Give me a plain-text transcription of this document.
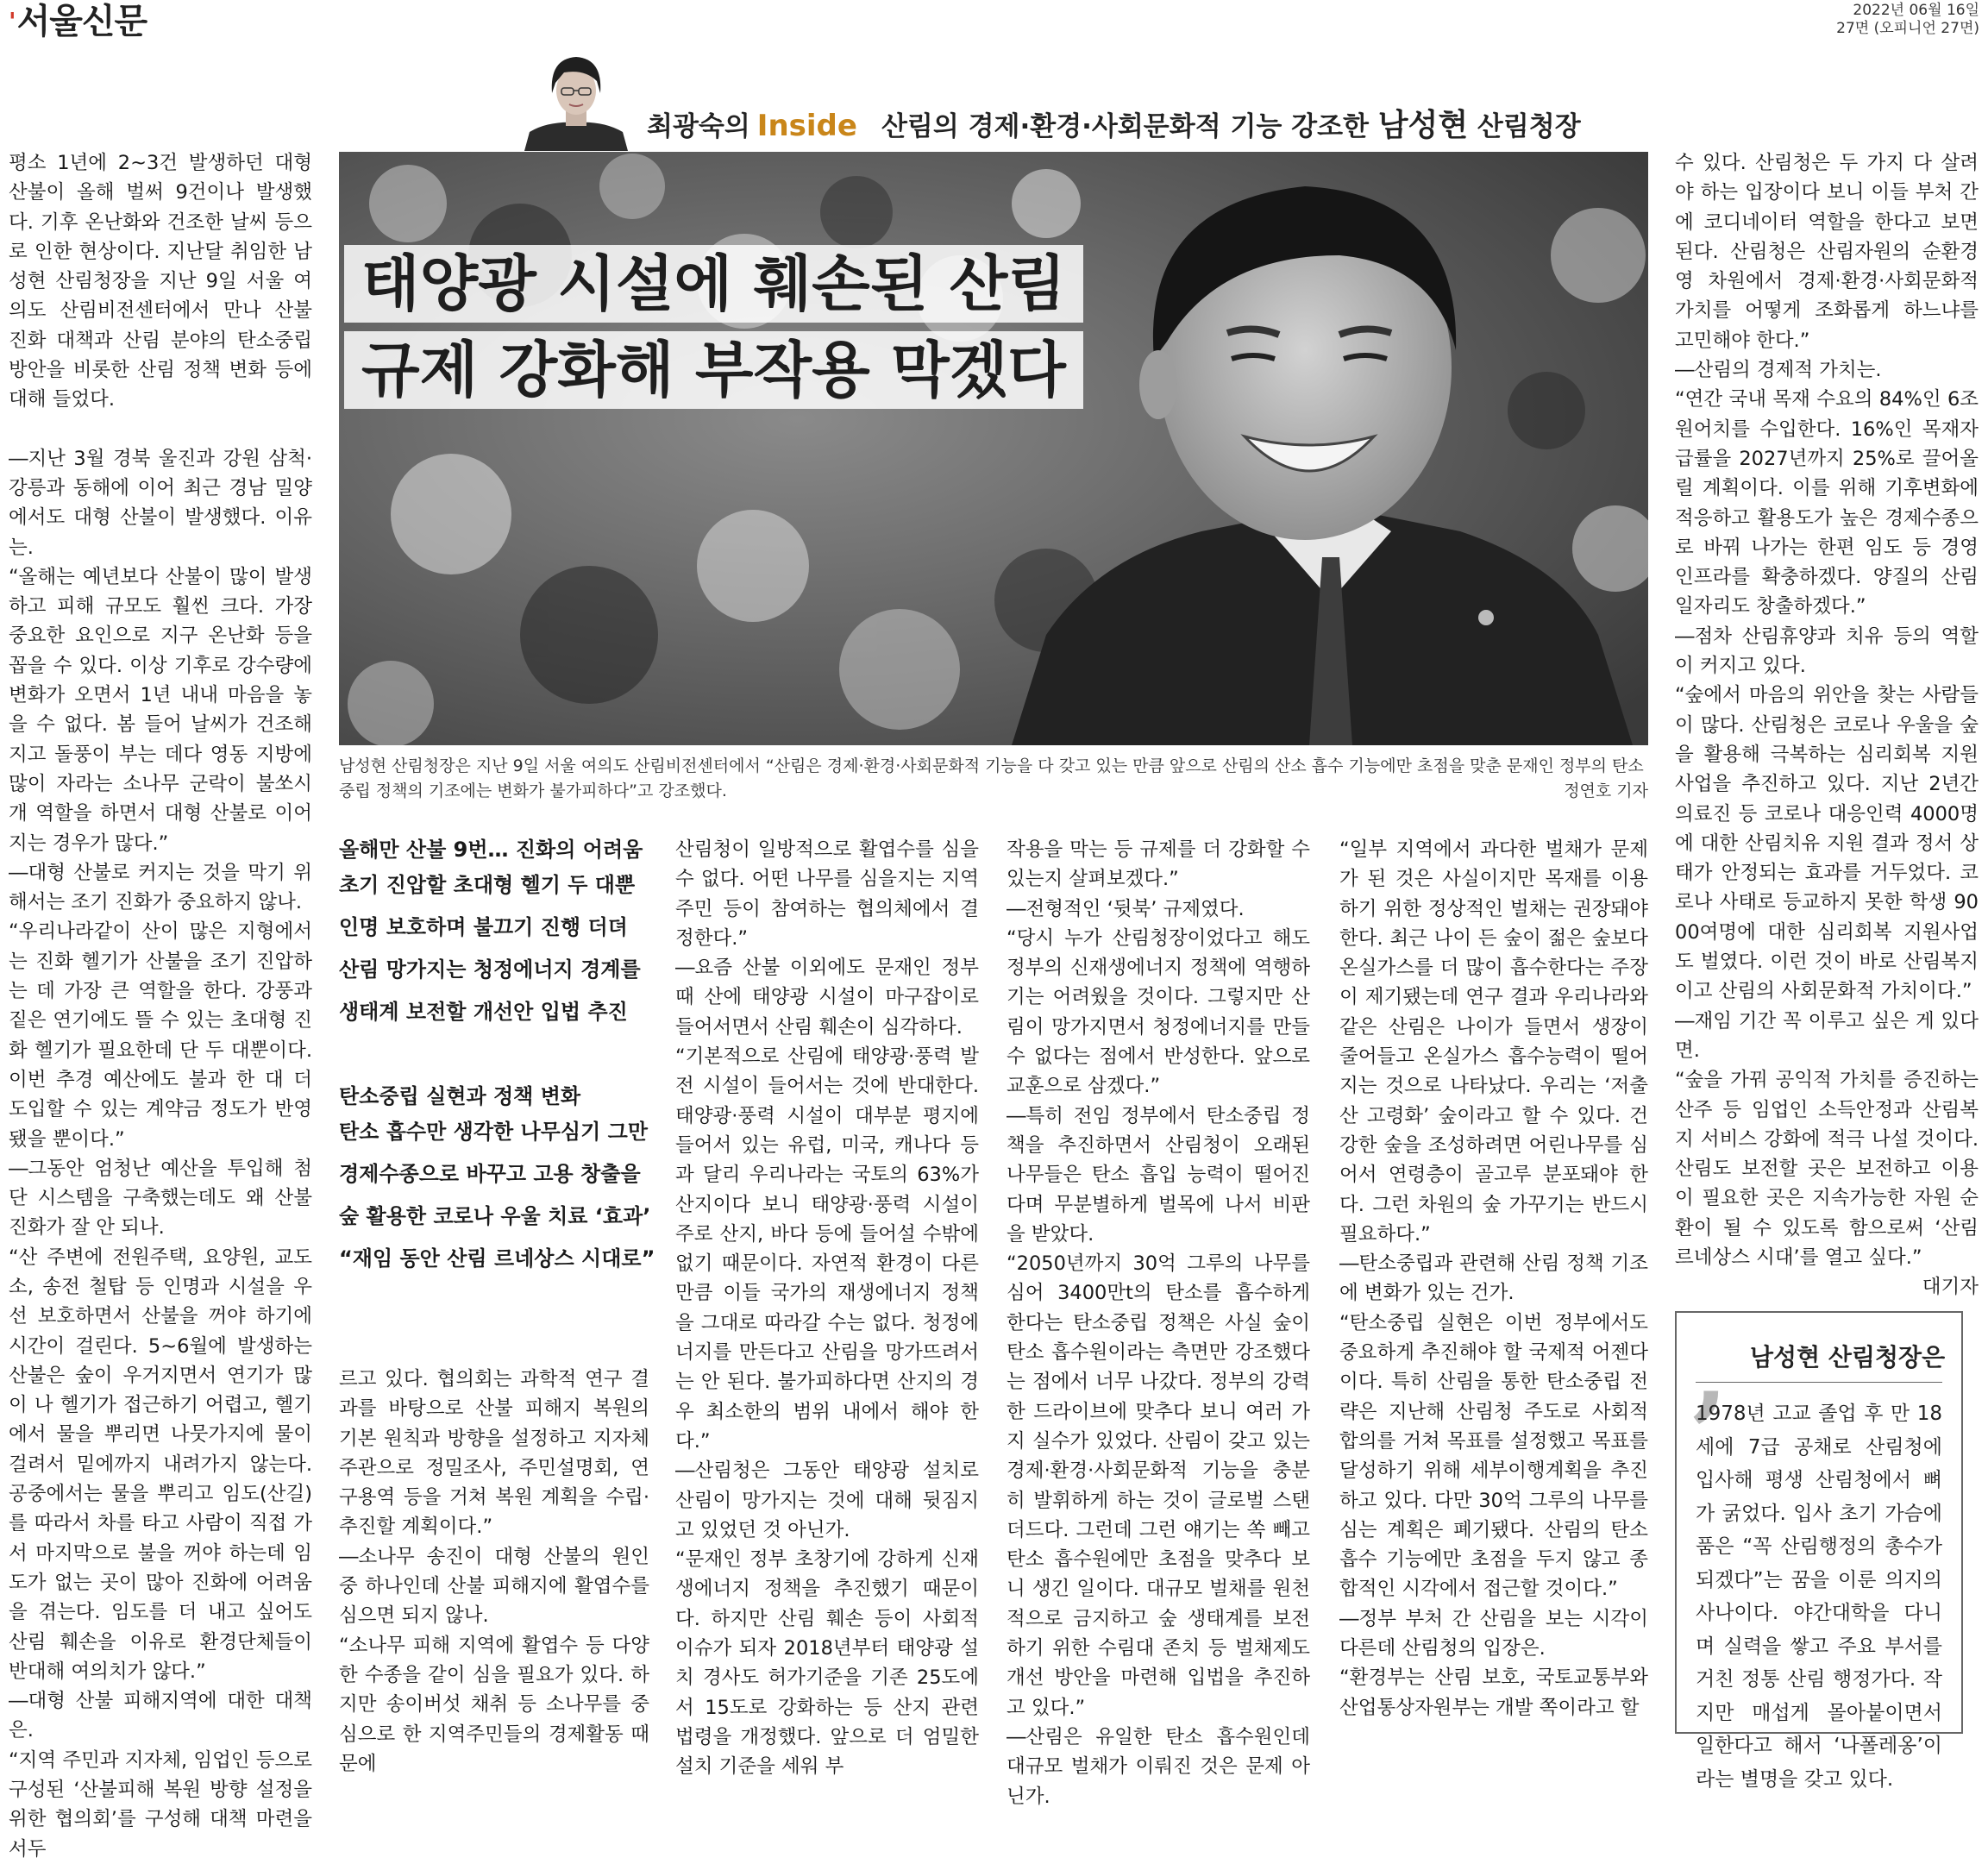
'서울신문	2022년 06월 16일
27면 (오피니언 27면)
최광숙의 Inside 산림의 경제·환경·사회문화적 기능 강조한 남성현 산림청장
태양광 시설에 훼손된 산림
규제 강화해 부작용 막겠다
남성현 산림청장은 지난 9일 서울 여의도 산림비전센터에서 “산림은 경제·환경·사회문화적 기능을 다 갖고 있는 만큼 앞으로 산림의 산소 흡수 기능에만 초점을 맞춘 문재인 정부의 탄소중립 정책의 기조에는 변화가 불가피하다”고 강조했다.	정연호 기자

평소 1년에 2~3건 발생하던 대형 산불이 올해 벌써 9건이나 발생했다. 기후 온난화와 건조한 날씨 등으로 인한 현상이다. 지난달 취임한 남성현 산림청장을 지난 9일 서울 여의도 산림비전센터에서 만나 산불 진화 대책과 산림 분야의 탄소중립 방안을 비롯한 산림 정책 변화 등에 대해 들었다.

―지난 3월 경북 울진과 강원 삼척·강릉과 동해에 이어 최근 경남 밀양에서도 대형 산불이 발생했다. 이유는.

“올해는 예년보다 산불이 많이 발생하고 피해 규모도 훨씬 크다. 가장 중요한 요인으로 지구 온난화 등을 꼽을 수 있다. 이상 기후로 강수량에 변화가 오면서 1년 내내 마음을 놓을 수 없다. 봄 들어 날씨가 건조해지고 돌풍이 부는 데다 영동 지방에 많이 자라는 소나무 군락이 불쏘시개 역할을 하면서 대형 산불로 이어지는 경우가 많다.”

―대형 산불로 커지는 것을 막기 위해서는 조기 진화가 중요하지 않나.

“우리나라같이 산이 많은 지형에서는 진화 헬기가 산불을 조기 진압하는 데 가장 큰 역할을 한다. 강풍과 짙은 연기에도 뜰 수 있는 초대형 진화 헬기가 필요한데 단 두 대뿐이다. 이번 추경 예산에도 불과 한 대 더 도입할 수 있는 계약금 정도가 반영됐을 뿐이다.”

―그동안 엄청난 예산을 투입해 첨단 시스템을 구축했는데도 왜 산불 진화가 잘 안 되나.

“산 주변에 전원주택, 요양원, 교도소, 송전 철탑 등 인명과 시설을 우선 보호하면서 산불을 꺼야 하기에 시간이 걸린다. 5~6월에 발생하는 산불은 숲이 우거지면서 연기가 많이 나 헬기가 접근하기 어렵고, 헬기에서 물을 뿌리면 나뭇가지에 물이 걸려서 밑에까지 내려가지 않는다. 공중에서는 물을 뿌리고 임도(산길)를 따라서 차를 타고 사람이 직접 가서 마지막으로 불을 꺼야 하는데 임도가 없는 곳이 많아 진화에 어려움을 겪는다. 임도를 더 내고 싶어도 산림 훼손을 이유로 환경단체들이 반대해 여의치가 않다.”

―대형 산불 피해지역에 대한 대책은.

“지역 주민과 지자체, 임업인 등으로 구성된 ‘산불피해 복원 방향 설정을 위한 협의회’를 구성해 대책 마련을 서두

올해만 산불 9번… 진화의 어려움
초기 진압할 초대형 헬기 두 대뿐
인명 보호하며 불끄기 진행 더뎌
산림 망가지는 청정에너지 경계를
생태계 보전할 개선안 입법 추진
탄소중립 실현과 정책 변화
탄소 흡수만 생각한 나무심기 그만
경제수종으로 바꾸고 고용 창출을
숲 활용한 코로나 우울 치료 ‘효과’
“재임 동안 산림 르네상스 시대로”

르고 있다. 협의회는 과학적 연구 결과를 바탕으로 산불 피해지 복원의 기본 원칙과 방향을 설정하고 지자체 주관으로 정밀조사, 주민설명회, 연구용역 등을 거쳐 복원 계획을 수립·추진할 계획이다.”

―소나무 송진이 대형 산불의 원인 중 하나인데 산불 피해지에 활엽수를 심으면 되지 않나.

“소나무 피해 지역에 활엽수 등 다양한 수종을 같이 심을 필요가 있다. 하지만 송이버섯 채취 등 소나무를 중심으로 한 지역주민들의 경제활동 때문에

산림청이 일방적으로 활엽수를 심을 수 없다. 어떤 나무를 심을지는 지역주민 등이 참여하는 협의체에서 결정한다.”

―요즘 산불 이외에도 문재인 정부 때 산에 태양광 시설이 마구잡이로 들어서면서 산림 훼손이 심각하다.

“기본적으로 산림에 태양광·풍력 발전 시설이 들어서는 것에 반대한다. 태양광·풍력 시설이 대부분 평지에 들어서 있는 유럽, 미국, 캐나다 등과 달리 우리나라는 국토의 63%가 산지이다 보니 태양광·풍력 시설이 주로 산지, 바다 등에 들어설 수밖에 없기 때문이다. 자연적 환경이 다른 만큼 이들 국가의 재생에너지 정책을 그대로 따라갈 수는 없다. 청정에너지를 만든다고 산림을 망가뜨려서는 안 된다. 불가피하다면 산지의 경우 최소한의 범위 내에서 해야 한다.”

―산림청은 그동안 태양광 설치로 산림이 망가지는 것에 대해 뒷짐지고 있었던 것 아닌가.

“문재인 정부 초창기에 강하게 신재생에너지 정책을 추진했기 때문이다. 하지만 산림 훼손 등이 사회적 이슈가 되자 2018년부터 태양광 설치 경사도 허가기준을 기존 25도에서 15도로 강화하는 등 산지 관련 법령을 개정했다. 앞으로 더 엄밀한 설치 기준을 세워 부

작용을 막는 등 규제를 더 강화할 수 있는지 살펴보겠다.”

―전형적인 ‘뒷북’ 규제였다.

“당시 누가 산림청장이었다고 해도 정부의 신재생에너지 정책에 역행하기는 어려웠을 것이다. 그렇지만 산림이 망가지면서 청정에너지를 만들 수 없다는 점에서 반성한다. 앞으로 교훈으로 삼겠다.”

―특히 전임 정부에서 탄소중립 정책을 추진하면서 산림청이 오래된 나무들은 탄소 흡입 능력이 떨어진다며 무분별하게 벌목에 나서 비판을 받았다.

“2050년까지 30억 그루의 나무를 심어 3400만t의 탄소를 흡수하게 한다는 탄소중립 정책은 사실 숲이 탄소 흡수원이라는 측면만 강조했다는 점에서 너무 나갔다. 정부의 강력한 드라이브에 맞추다 보니 여러 가지 실수가 있었다. 산림이 갖고 있는 경제·환경·사회문화적 기능을 충분히 발휘하게 하는 것이 글로벌 스탠더드다. 그런데 그런 얘기는 쏙 빼고 탄소 흡수원에만 초점을 맞추다 보니 생긴 일이다. 대규모 벌채를 원천적으로 금지하고 숲 생태계를 보전하기 위한 수림대 존치 등 벌채제도 개선 방안을 마련해 입법을 추진하고 있다.”

―산림은 유일한 탄소 흡수원인데 대규모 벌채가 이뤄진 것은 문제 아닌가.

“일부 지역에서 과다한 벌채가 문제가 된 것은 사실이지만 목재를 이용하기 위한 정상적인 벌채는 권장돼야 한다. 최근 나이 든 숲이 젊은 숲보다 온실가스를 더 많이 흡수한다는 주장이 제기됐는데 연구 결과 우리나라와 같은 산림은 나이가 들면서 생장이 줄어들고 온실가스 흡수능력이 떨어지는 것으로 나타났다. 우리는 ‘저출산 고령화’ 숲이라고 할 수 있다. 건강한 숲을 조성하려면 어린나무를 심어서 연령층이 골고루 분포돼야 한다. 그런 차원의 숲 가꾸기는 반드시 필요하다.”

―탄소중립과 관련해 산림 정책 기조에 변화가 있는 건가.

“탄소중립 실현은 이번 정부에서도 중요하게 추진해야 할 국제적 어젠다이다. 특히 산림을 통한 탄소중립 전략은 지난해 산림청 주도로 사회적 합의를 거쳐 목표를 설정했고 목표를 달성하기 위해 세부이행계획을 추진하고 있다. 다만 30억 그루의 나무를 심는 계획은 폐기됐다. 산림의 탄소 흡수 기능에만 초점을 두지 않고 종합적인 시각에서 접근할 것이다.”

―정부 부처 간 산림을 보는 시각이 다른데 산림청의 입장은.

“환경부는 산림 보호, 국토교통부와 산업통상자원부는 개발 쪽이라고 할

수 있다. 산림청은 두 가지 다 살려야 하는 입장이다 보니 이들 부처 간에 코디네이터 역할을 한다고 보면 된다. 산림청은 산림자원의 순환경영 차원에서 경제·환경·사회문화적 가치를 어떻게 조화롭게 하느냐를 고민해야 한다.”

―산림의 경제적 가치는.

“연간 국내 목재 수요의 84%인 6조원어치를 수입한다. 16%인 목재자급률을 2027년까지 25%로 끌어올릴 계획이다. 이를 위해 기후변화에 적응하고 활용도가 높은 경제수종으로 바꿔 나가는 한편 임도 등 경영 인프라를 확충하겠다. 양질의 산림 일자리도 창출하겠다.”

―점차 산림휴양과 치유 등의 역할이 커지고 있다.

“숲에서 마음의 위안을 찾는 사람들이 많다. 산림청은 코로나 우울을 숲을 활용해 극복하는 심리회복 지원 사업을 추진하고 있다. 지난 2년간 의료진 등 코로나 대응인력 4000명에 대한 산림치유 지원 결과 정서 상태가 안정되는 효과를 거두었다. 코로나 사태로 등교하지 못한 학생 9000여명에 대한 심리회복 지원사업도 벌였다. 이런 것이 바로 산림복지이고 산림의 사회문화적 가치이다.”

―재임 기간 꼭 이루고 싶은 게 있다면.

“숲을 가꿔 공익적 가치를 증진하는 산주 등 임업인 소득안정과 산림복지 서비스 강화에 적극 나설 것이다. 산림도 보전할 곳은 보전하고 이용이 필요한 곳은 지속가능한 자원 순환이 될 수 있도록 함으로써 ‘산림 르네상스 시대’를 열고 싶다.”

대기자

, 남성현 산림청장은
1978년 고교 졸업 후 만 18세에 7급 공채로 산림청에 입사해 평생 산림청에서 뼈가 굵었다. 입사 초기 가슴에 품은 “꼭 산림행정의 총수가 되겠다”는 꿈을 이룬 의지의 사나이다. 야간대학을 다니며 실력을 쌓고 주요 부서를 거친 정통 산림 행정가다. 작지만 매섭게 몰아붙이면서 일한다고 해서 ‘나폴레옹’이라는 별명을 갖고 있다.
